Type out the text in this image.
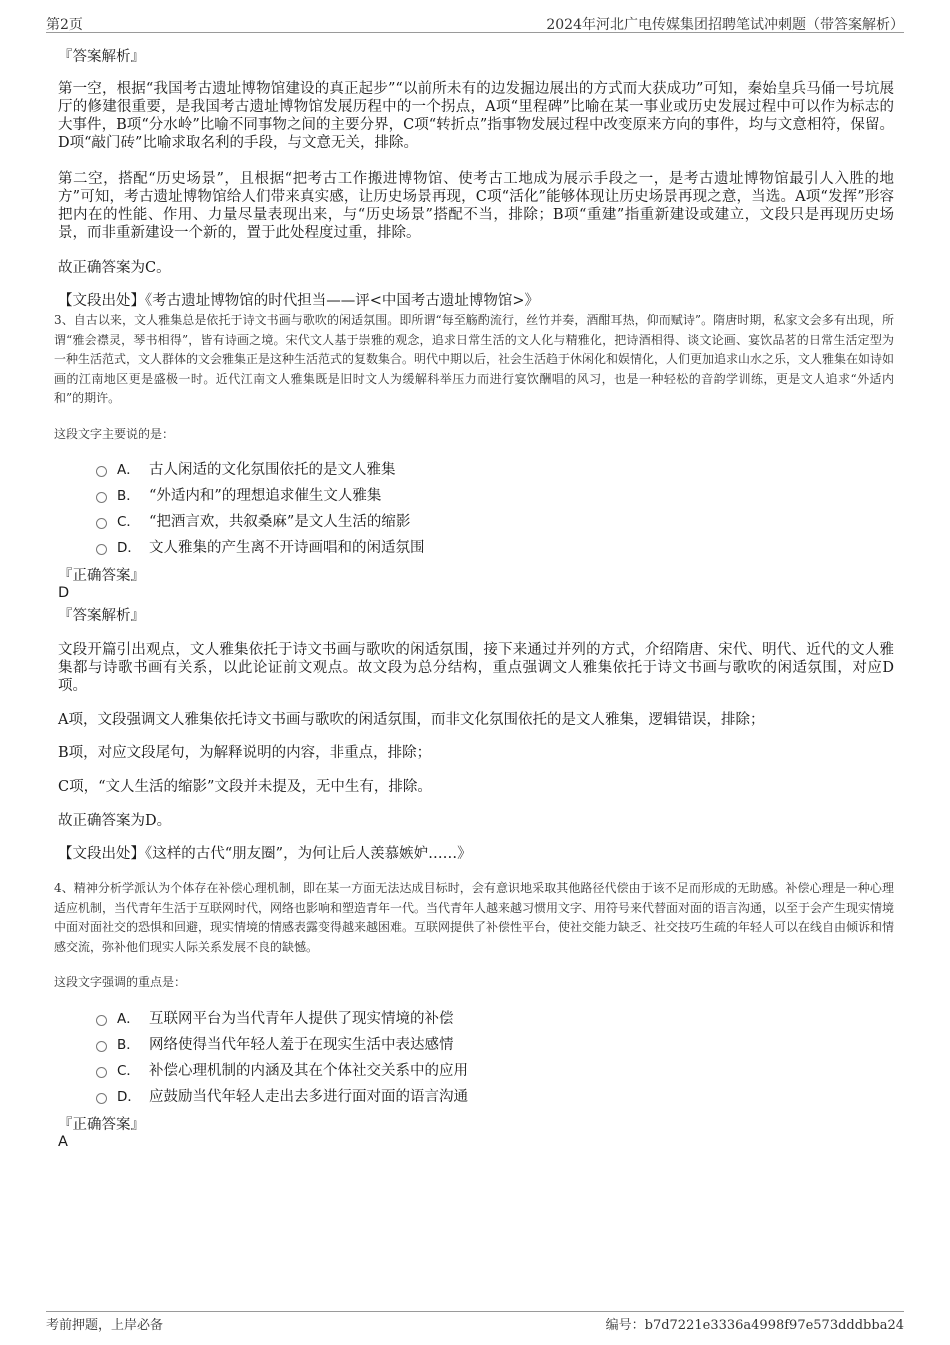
第2页	2024年河北广电传媒集团招聘笔试冲刺题（带答案解析）

『答案解析』

第一空，根据“我国考古遗址博物馆建设的真正起步”“以前所未有的边发掘边展出的方式而大获成功”可知，秦始皇兵马俑一号坑展厅的修建很重要，是我国考古遗址博物馆发展历程中的一个拐点，A项“里程碑”比喻在某一事业或历史发展过程中可以作为标志的大事件，B项“分水岭”比喻不同事物之间的主要分界，C项“转折点”指事物发展过程中改变原来方向的事件，均与文意相符，保留。D项“敲门砖”比喻求取名利的手段，与文意无关，排除。

第二空，搭配“历史场景”，且根据“把考古工作搬进博物馆、使考古工地成为展示手段之一，是考古遗址博物馆最引人入胜的地方”可知，考古遗址博物馆给人们带来真实感，让历史场景再现，C项“活化”能够体现让历史场景再现之意，当选。A项“发挥”形容把内在的性能、作用、力量尽量表现出来，与“历史场景”搭配不当，排除；B项“重建”指重新建设或建立，文段只是再现历史场景，而非重新建设一个新的，置于此处程度过重，排除。

故正确答案为C。

【文段出处】《考古遗址博物馆的时代担当——评<中国考古遗址博物馆>》

3、自古以来，文人雅集总是依托于诗文书画与歌吹的闲适氛围。即所谓“每至觞酌流行，丝竹并奏，酒酣耳热，仰而赋诗”。隋唐时期，私家文会多有出现，所谓“雅会襟灵，琴书相得”，皆有诗画之境。宋代文人基于崇雅的观念，追求日常生活的文人化与精雅化，把诗酒相得、谈文论画、宴饮品茗的日常生活定型为一种生活范式，文人群体的文会雅集正是这种生活范式的复数集合。明代中期以后，社会生活趋于休闲化和娱情化，人们更加追求山水之乐，文人雅集在如诗如画的江南地区更是盛极一时。近代江南文人雅集既是旧时文人为缓解科举压力而进行宴饮酬唱的风习，也是一种轻松的音韵学训练，更是文人追求“外适内和”的期许。

这段文字主要说的是：

A． 古人闲适的文化氛围依托的是文人雅集
B． “外适内和”的理想追求催生文人雅集
C． “把酒言欢，共叙桑麻”是文人生活的缩影
D． 文人雅集的产生离不开诗画唱和的闲适氛围

『正确答案』

D

『答案解析』

文段开篇引出观点，文人雅集依托于诗文书画与歌吹的闲适氛围，接下来通过并列的方式，介绍隋唐、宋代、明代、近代的文人雅集都与诗歌书画有关系，以此论证前文观点。故文段为总分结构，重点强调文人雅集依托于诗文书画与歌吹的闲适氛围，对应D项。

A项，文段强调文人雅集依托诗文书画与歌吹的闲适氛围，而非文化氛围依托的是文人雅集，逻辑错误，排除；

B项，对应文段尾句，为解释说明的内容，非重点，排除；

C项，“文人生活的缩影”文段并未提及，无中生有，排除。

故正确答案为D。

【文段出处】《这样的古代“朋友圈”，为何让后人羡慕嫉妒……》

4、精神分析学派认为个体存在补偿心理机制，即在某一方面无法达成目标时，会有意识地采取其他路径代偿由于该不足而形成的无助感。补偿心理是一种心理适应机制，当代青年生活于互联网时代，网络也影响和塑造青年一代。当代青年人越来越习惯用文字、用符号来代替面对面的语言沟通，以至于会产生现实情境中面对面社交的恐惧和回避，现实情境的情感表露变得越来越困难。互联网提供了补偿性平台，使社交能力缺乏、社交技巧生疏的年轻人可以在线自由倾诉和情感交流，弥补他们现实人际关系发展不良的缺憾。

这段文字强调的重点是：

A． 互联网平台为当代青年人提供了现实情境的补偿
B． 网络使得当代年轻人羞于在现实生活中表达感情
C． 补偿心理机制的内涵及其在个体社交关系中的应用
D． 应鼓励当代年轻人走出去多进行面对面的语言沟通

『正确答案』

A
考前押题，上岸必备	编号：b7d7221e3336a4998f97e573dddbba24
